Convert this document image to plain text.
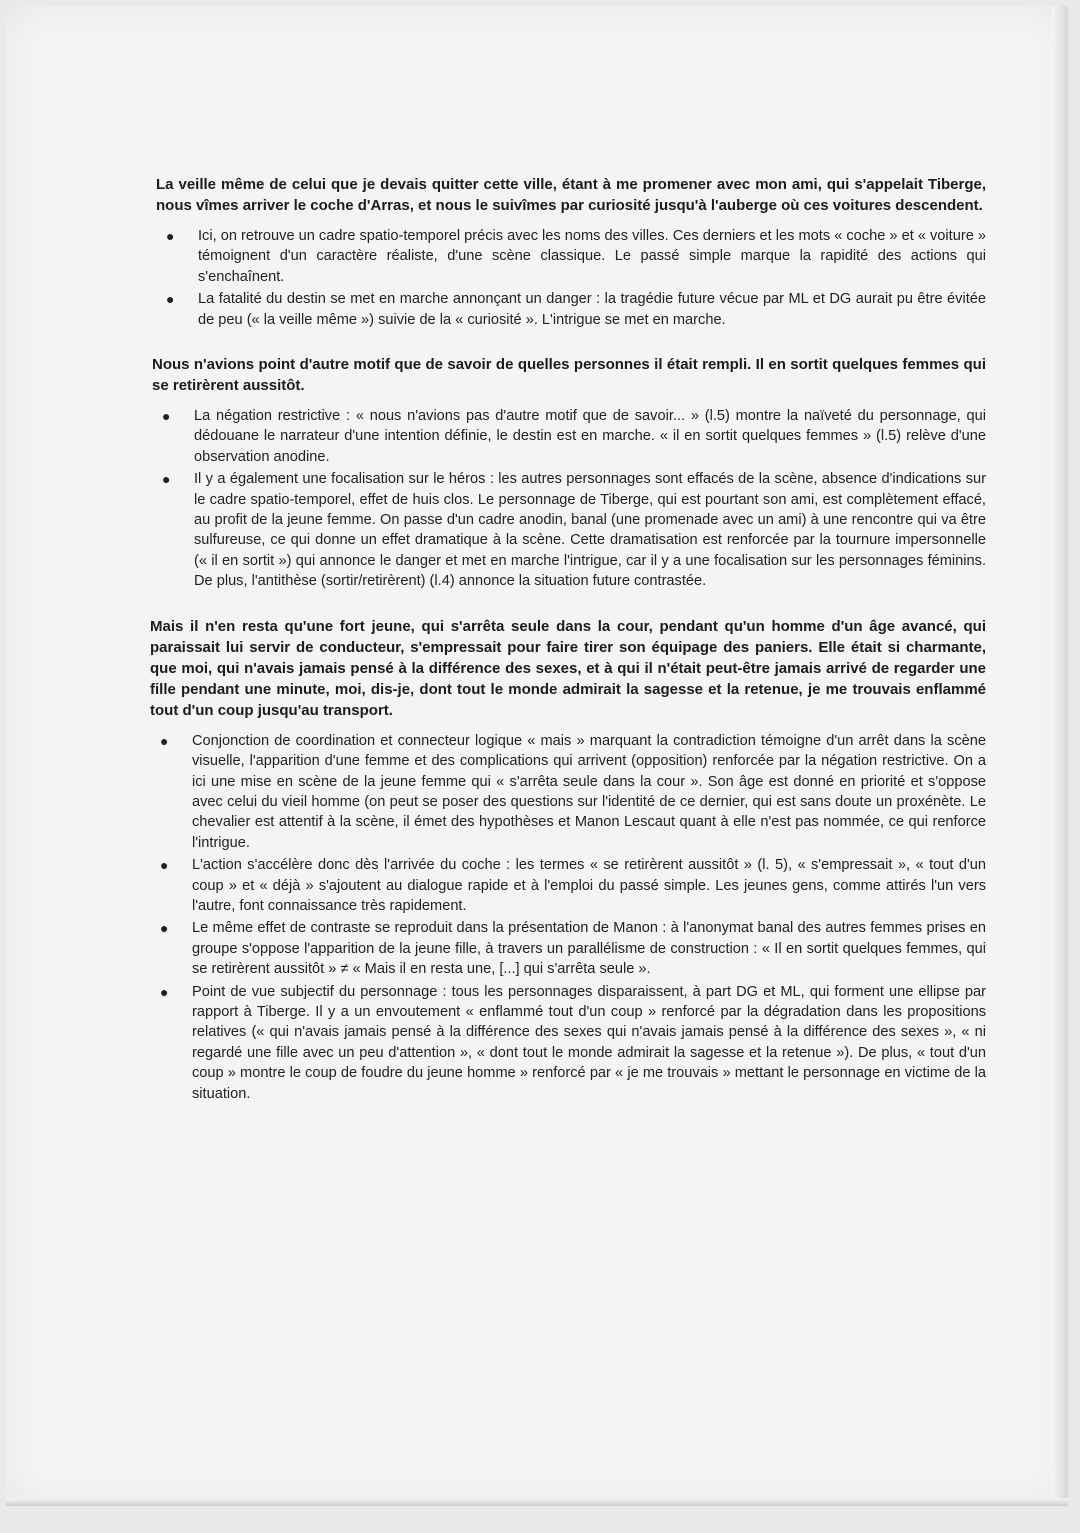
La veille même de celui que je devais quitter cette ville, étant à me promener avec mon ami, qui s'appelait Tiberge, nous vîmes arriver le coche d'Arras, et nous le suivîmes par curiosité jusqu'à l'auberge où ces voitures descendent.

● Ici, on retrouve un cadre spatio-temporel précis avec les noms des villes. Ces derniers et les mots « coche » et « voiture » témoignent d'un caractère réaliste, d'une scène classique. Le passé simple marque la rapidité des actions qui s'enchaînent.
● La fatalité du destin se met en marche annonçant un danger : la tragédie future vécue par ML et DG aurait pu être évitée de peu (« la veille même ») suivie de la « curiosité ». L'intrigue se met en marche.

Nous n'avions point d'autre motif que de savoir de quelles personnes il était rempli. Il en sortit quelques femmes qui se retirèrent aussitôt.

● La négation restrictive : « nous n'avions pas d'autre motif que de savoir... » (l.5) montre la naïveté du personnage, qui dédouane le narrateur d'une intention définie, le destin est en marche. « il en sortit quelques femmes » (l.5) relève d'une observation anodine.
● Il y a également une focalisation sur le héros : les autres personnages sont effacés de la scène, absence d'indications sur le cadre spatio-temporel, effet de huis clos. Le personnage de Tiberge, qui est pourtant son ami, est complètement effacé, au profit de la jeune femme. On passe d'un cadre anodin, banal (une promenade avec un ami) à une rencontre qui va être sulfureuse, ce qui donne un effet dramatique à la scène. Cette dramatisation est renforcée par la tournure impersonnelle (« il en sortit ») qui annonce le danger et met en marche l'intrigue, car il y a une focalisation sur les personnages féminins. De plus, l'antithèse (sortir/retirèrent) (l.4) annonce la situation future contrastée.

Mais il n'en resta qu'une fort jeune, qui s'arrêta seule dans la cour, pendant qu'un homme d'un âge avancé, qui paraissait lui servir de conducteur, s'empressait pour faire tirer son équipage des paniers. Elle était si charmante, que moi, qui n'avais jamais pensé à la différence des sexes, et à qui il n'était peut-être jamais arrivé de regarder une fille pendant une minute, moi, dis-je, dont tout le monde admirait la sagesse et la retenue, je me trouvais enflammé tout d'un coup jusqu'au transport.

● Conjonction de coordination et connecteur logique « mais » marquant la contradiction témoigne d'un arrêt dans la scène visuelle, l'apparition d'une femme et des complications qui arrivent (opposition) renforcée par la négation restrictive. On a ici une mise en scène de la jeune femme qui « s'arrêta seule dans la cour ». Son âge est donné en priorité et s'oppose avec celui du vieil homme (on peut se poser des questions sur l'identité de ce dernier, qui est sans doute un proxénète. Le chevalier est attentif à la scène, il émet des hypothèses et Manon Lescaut quant à elle n'est pas nommée, ce qui renforce l'intrigue.
● L'action s'accélère donc dès l'arrivée du coche : les termes « se retirèrent aussitôt » (l. 5), « s'empressait », « tout d'un coup » et « déjà » s'ajoutent au dialogue rapide et à l'emploi du passé simple. Les jeunes gens, comme attirés l'un vers l'autre, font connaissance très rapidement.
● Le même effet de contraste se reproduit dans la présentation de Manon : à l'anonymat banal des autres femmes prises en groupe s'oppose l'apparition de la jeune fille, à travers un parallélisme de construction : « Il en sortit quelques femmes, qui se retirèrent aussitôt » ≠ « Mais il en resta une, [...] qui s'arrêta seule ».
● Point de vue subjectif du personnage : tous les personnages disparaissent, à part DG et ML, qui forment une ellipse par rapport à Tiberge. Il y a un envoutement « enflammé tout d'un coup » renforcé par la dégradation dans les propositions relatives (« qui n'avais jamais pensé à la différence des sexes qui n'avais jamais pensé à la différence des sexes », « ni regardé une fille avec un peu d'attention », « dont tout le monde admirait la sagesse et la retenue »). De plus, « tout d'un coup » montre le coup de foudre du jeune homme » renforcé par « je me trouvais » mettant le personnage en victime de la situation.
